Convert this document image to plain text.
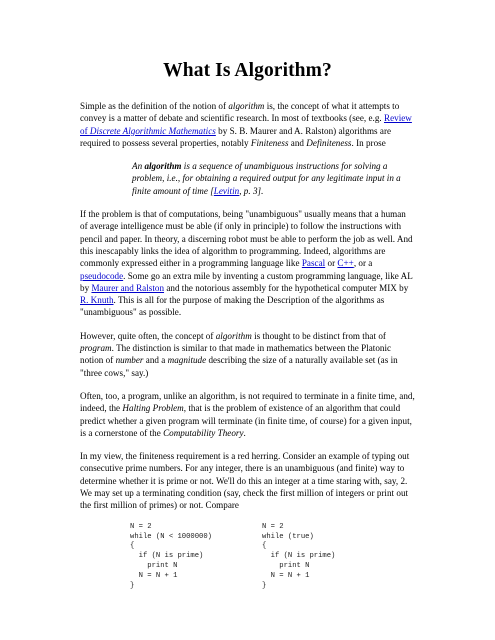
What Is Algorithm?

Simple as the definition of the notion of algorithm is, the concept of what it attempts to convey is a matter of debate and scientific research. In most of textbooks (see, e.g. Review of Discrete Algorithmic Mathematics by S. B. Maurer and A. Ralston) algorithms are required to possess several properties, notably Finiteness and Definiteness. In prose

An algorithm is a sequence of unambiguous instructions for solving a problem, i.e., for obtaining a required output for any legitimate input in a finite amount of time [Levitin, p. 3].

If the problem is that of computations, being "unambiguous" usually means that a human of average intelligence must be able (if only in principle) to follow the instructions with pencil and paper. In theory, a discerning robot must be able to perform the job as well. And this inescapably links the idea of algorithm to programming. Indeed, algorithms are commonly expressed either in a programming language like Pascal or C++, or a pseudocode. Some go an extra mile by inventing a custom programming language, like AL by Maurer and Ralston and the notorious assembly for the hypothetical computer MIX by R. Knuth. This is all for the purpose of making the Description of the algorithms as "unambiguous" as possible.

However, quite often, the concept of algorithm is thought to be distinct from that of program. The distinction is similar to that made in mathematics between the Platonic notion of number and a magnitude describing the size of a naturally available set (as in "three cows," say.)

Often, too, a program, unlike an algorithm, is not required to terminate in a finite time, and, indeed, the Halting Problem, that is the problem of existence of an algorithm that could predict whether a given program will terminate (in finite time, of course) for a given input, is a cornerstone of the Computability Theory.

In my view, the finiteness requirement is a red herring. Consider an example of typing out consecutive prime numbers. For any integer, there is an unambiguous (and finite) way to determine whether it is prime or not. We'll do this an integer at a time staring with, say, 2. We may set up a terminating condition (say, check the first million of integers or print out the first million of primes) or not. Compare

N = 2
while (N < 1000000)
{
if (N is prime)
print N
N = N + 1
}
N = 2
while (true)
{
if (N is prime)
print N
N = N + 1
}
